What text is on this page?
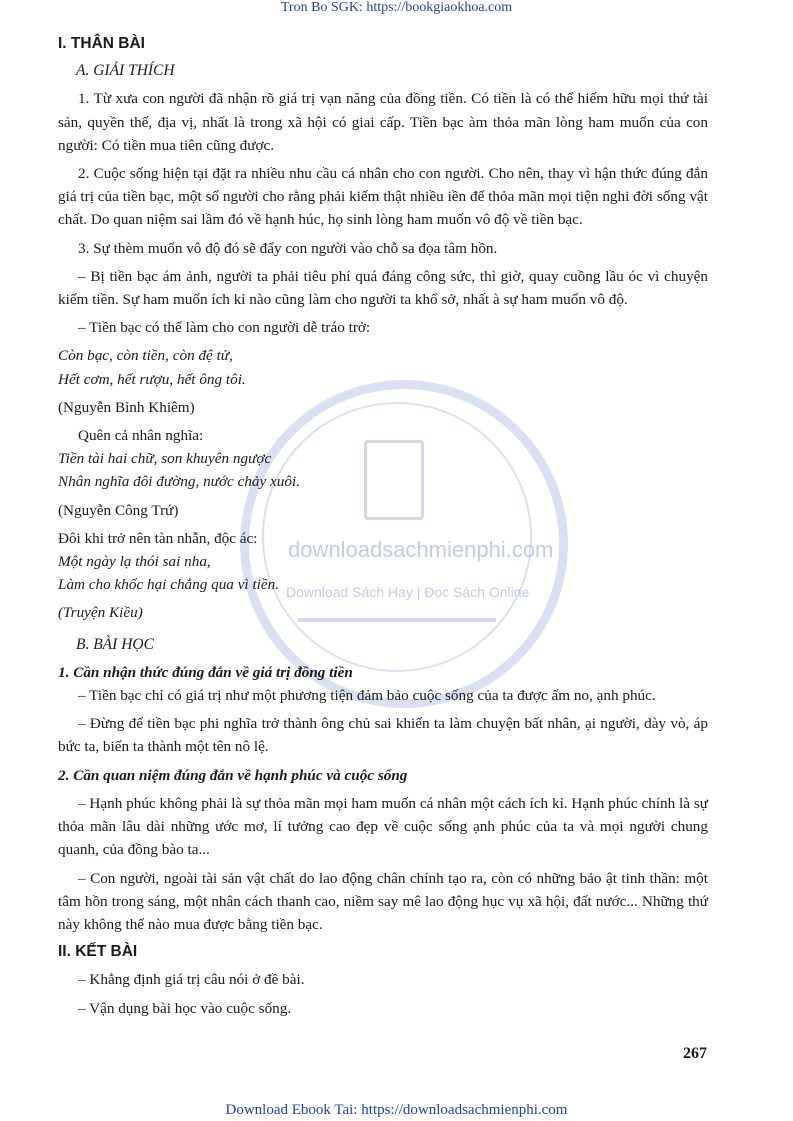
Tron Bo SGK: https://bookgiaokhoa.com
downloadsachmienphi.com
Download Sách Hay | Đọc Sách Online
I. THÂN BÀI
A. GIẢI THÍCH

1. Từ xưa con người đã nhận rõ giá trị vạn năng của đồng tiền. Có tiền là có thể hiếm hữu mọi thứ tài sản, quyền thế, địa vị, nhất là trong xã hội có giai cấp. Tiền bạc àm thỏa mãn lòng ham muốn của con người: Có tiền mua tiên cũng được.

2. Cuộc sống hiện tại đặt ra nhiều nhu cầu cá nhân cho con người. Cho nên, thay vì hận thức đúng đắn giá trị của tiền bạc, một số người cho rằng phải kiếm thật nhiều iền để thỏa mãn mọi tiện nghi đời sống vật chất. Do quan niệm sai lầm đó về hạnh húc, họ sinh lòng ham muốn vô độ về tiền bạc.

3. Sự thèm muốn vô độ đó sẽ đẩy con người vào chỗ sa đọa tâm hồn.

– Bị tiền bạc ám ảnh, người ta phải tiêu phí quá đáng công sức, thì giờ, quay cuồng lầu óc vì chuyện kiếm tiền. Sự ham muốn ích kỉ nào cũng làm cho người ta khổ sở, nhất à sự ham muốn vô độ.

– Tiền bạc có thể làm cho con người dễ tráo trở:

Còn bạc, còn tiền, còn đệ tử,

Hết cơm, hết rượu, hết ông tôi.

(Nguyễn Bỉnh Khiêm)

Quên cả nhân nghĩa:

Tiền tài hai chữ, son khuyên ngược

Nhân nghĩa đôi đường, nước chảy xuôi.

(Nguyễn Công Trứ)

Đôi khi trở nên tàn nhẫn, độc ác:

Một ngày lạ thói sai nha,

Làm cho khốc hại chẳng qua vì tiền.

(Truyện Kiều)

B. BÀI HỌC

1. Cần nhận thức đúng đắn về giá trị đồng tiền

– Tiền bạc chỉ có giá trị như một phương tiện đảm bảo cuộc sống của ta được ấm no, ạnh phúc.

– Đừng để tiền bạc phi nghĩa trở thành ông chủ sai khiến ta làm chuyện bất nhân, ại người, dày vò, áp bức ta, biến ta thành một tên nô lệ.

2. Cần quan niệm đúng đắn về hạnh phúc và cuộc sống

– Hạnh phúc không phải là sự thỏa mãn mọi ham muốn cá nhân một cách ích kỉ. Hạnh phúc chính là sự thỏa mãn lâu dài những ước mơ, lí tưởng cao đẹp về cuộc sống ạnh phúc của ta và mọi người chung quanh, của đồng bào ta...

– Con người, ngoài tài sản vật chất do lao động chân chính tạo ra, còn có những bảo ật tinh thần: một tâm hồn trong sáng, một nhân cách thanh cao, niềm say mê lao động hục vụ xã hội, đất nước... Những thứ này không thể nào mua được bằng tiền bạc.

II. KẾT BÀI

– Khẳng định giá trị câu nói ở đề bài.

– Vận dụng bài học vào cuộc sống.

267
Download Ebook Tai: https://downloadsachmienphi.com
